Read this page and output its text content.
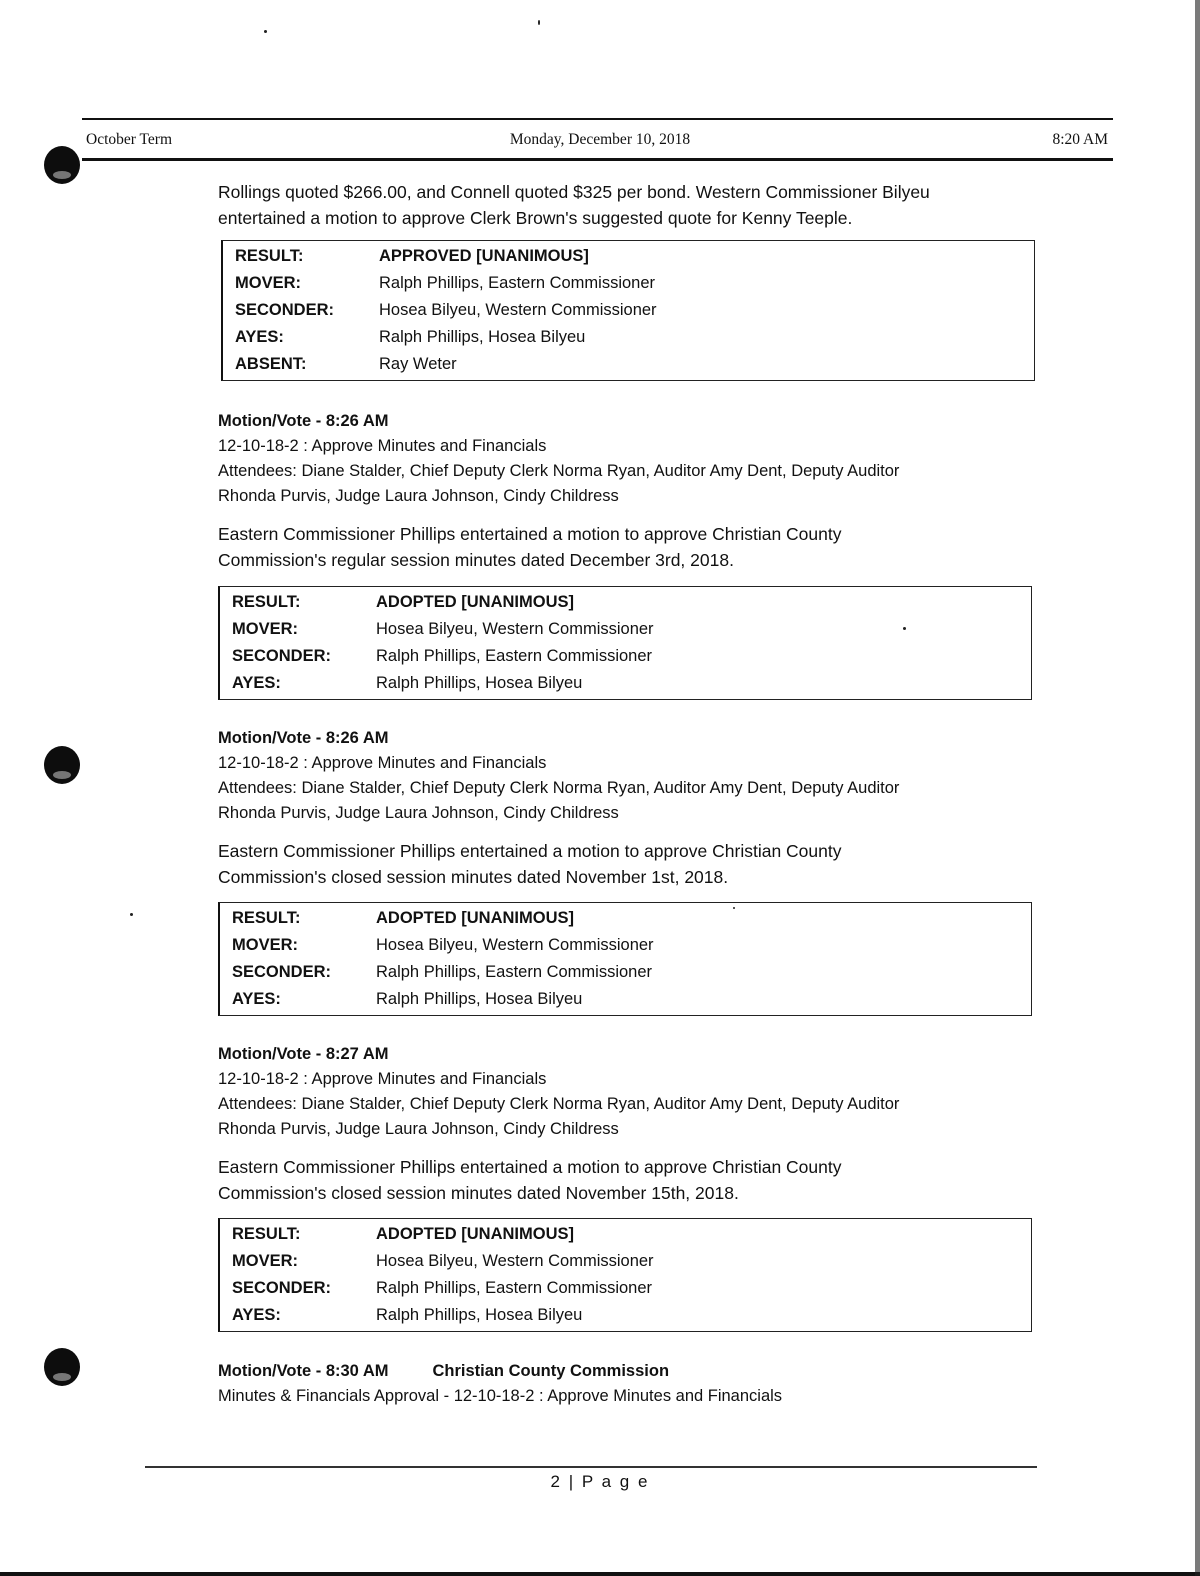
October Term	Monday, December 10, 2018	8:20 AM
Rollings quoted $266.00, and Connell quoted $325 per bond. Western Commissioner Bilyeu
entertained a motion to approve Clerk Brown's suggested quote for Kenny Teeple.
RESULT:	APPROVED [UNANIMOUS]
MOVER:	Ralph Phillips, Eastern Commissioner
SECONDER:	Hosea Bilyeu, Western Commissioner
AYES:	Ralph Phillips, Hosea Bilyeu
ABSENT:	Ray Weter
Motion/Vote - 8:26 AM
12-10-18-2 : Approve Minutes and Financials
Attendees: Diane Stalder, Chief Deputy Clerk Norma Ryan, Auditor Amy Dent, Deputy Auditor
Rhonda Purvis, Judge Laura Johnson, Cindy Childress
Eastern Commissioner Phillips entertained a motion to approve Christian County
Commission's regular session minutes dated December 3rd, 2018.
RESULT:	ADOPTED [UNANIMOUS]
MOVER:	Hosea Bilyeu, Western Commissioner
SECONDER:	Ralph Phillips, Eastern Commissioner
AYES:	Ralph Phillips, Hosea Bilyeu
Motion/Vote - 8:26 AM
12-10-18-2 : Approve Minutes and Financials
Attendees: Diane Stalder, Chief Deputy Clerk Norma Ryan, Auditor Amy Dent, Deputy Auditor
Rhonda Purvis, Judge Laura Johnson, Cindy Childress
Eastern Commissioner Phillips entertained a motion to approve Christian County
Commission's closed session minutes dated November 1st, 2018.
RESULT:	ADOPTED [UNANIMOUS]
MOVER:	Hosea Bilyeu, Western Commissioner
SECONDER:	Ralph Phillips, Eastern Commissioner
AYES:	Ralph Phillips, Hosea Bilyeu
Motion/Vote - 8:27 AM
12-10-18-2 : Approve Minutes and Financials
Attendees: Diane Stalder, Chief Deputy Clerk Norma Ryan, Auditor Amy Dent, Deputy Auditor
Rhonda Purvis, Judge Laura Johnson, Cindy Childress
Eastern Commissioner Phillips entertained a motion to approve Christian County
Commission's closed session minutes dated November 15th, 2018.
RESULT:	ADOPTED [UNANIMOUS]
MOVER:	Hosea Bilyeu, Western Commissioner
SECONDER:	Ralph Phillips, Eastern Commissioner
AYES:	Ralph Phillips, Hosea Bilyeu
Motion/Vote - 8:30 AM	Christian County Commission
Minutes & Financials Approval - 12-10-18-2 : Approve Minutes and Financials
2 | P a g e
